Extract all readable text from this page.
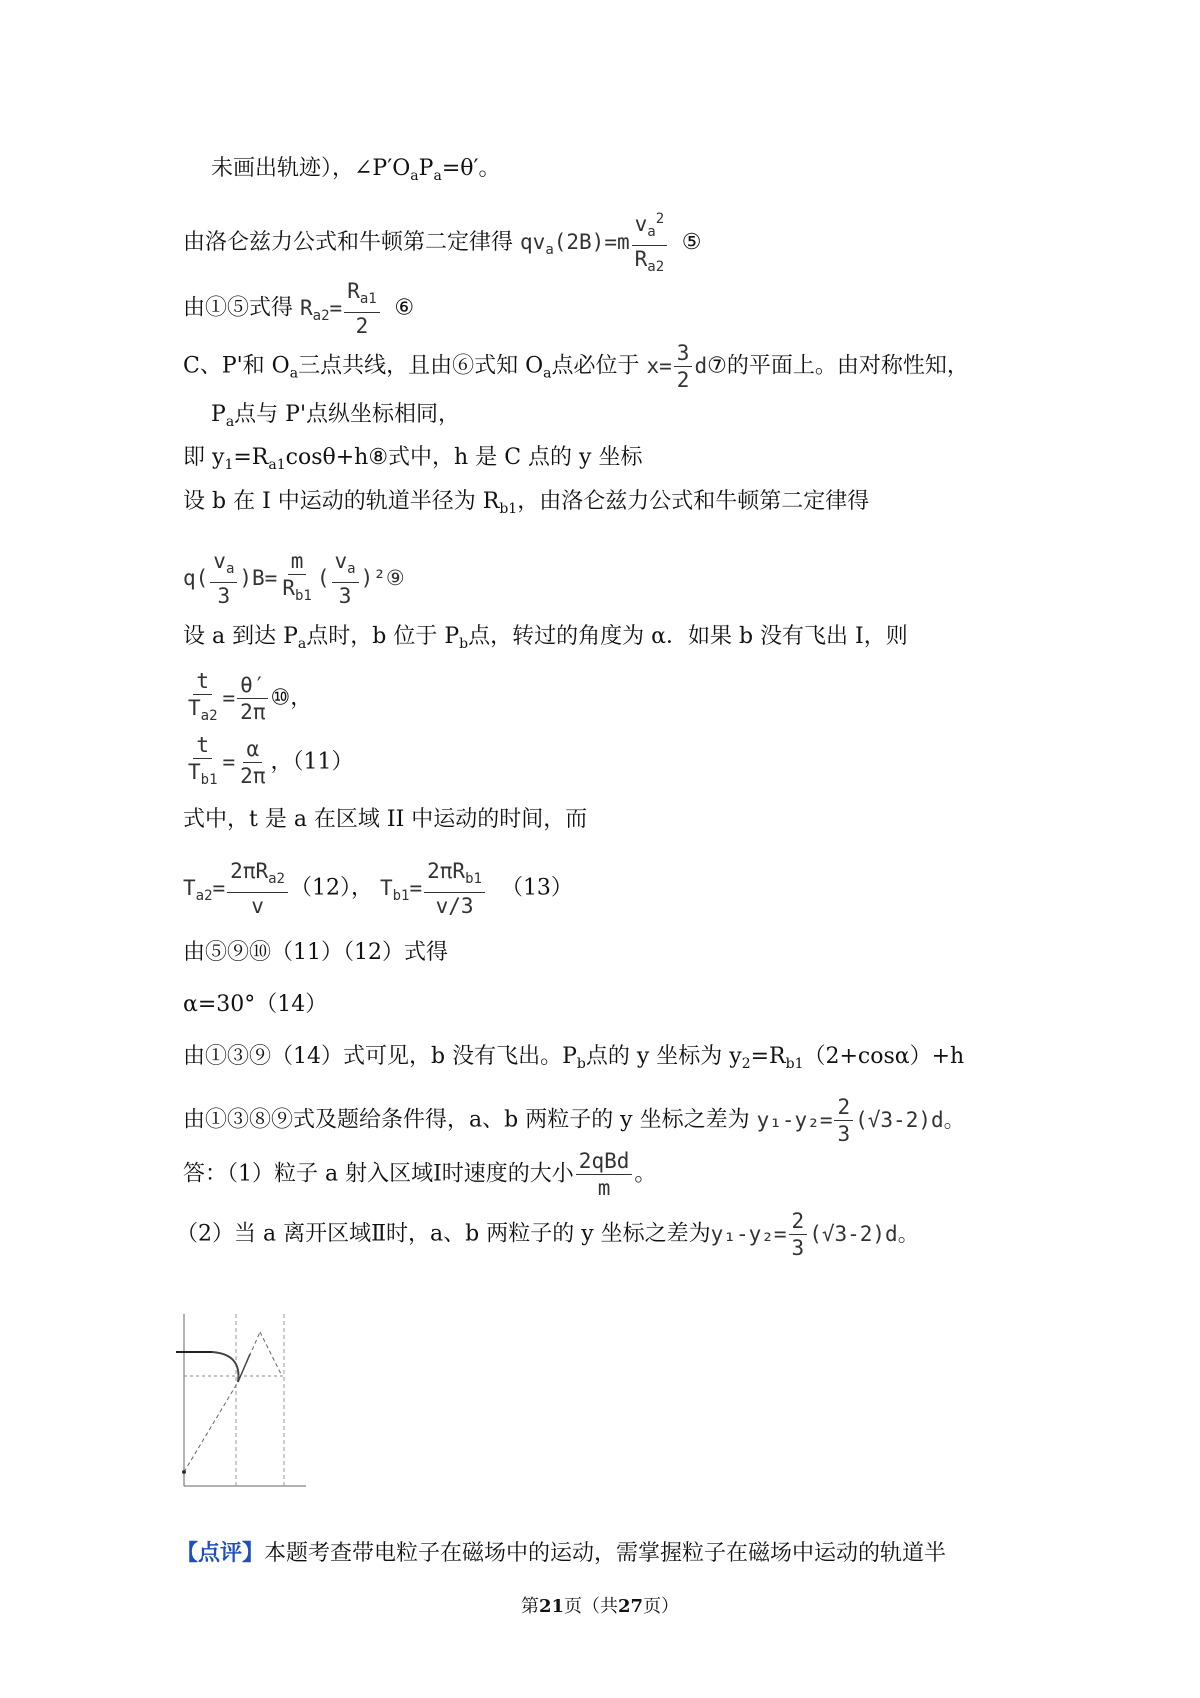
未画出轨迹），$\angle P'O_aP_a=\theta'$。
由洛仑兹力公式和牛顿第二定律得 $qv_a(2B)=m \frac{v_a^2}{R_{a2}}$ ⑤
由①⑤式得 $R_{a2}= \frac{R_{a1}}{2}$ ⑥
C、P'和 $O_a$三点共线，且由⑥式知 $O_a$点必位于 $x= \frac{3}{2}$ d⑦的平面上。由对称性知，
$P_a$点与 P'点纵坐标相同，
即 $y_1=R_{a1}\cos\theta+h⑧$式中，h 是 C 点的 y 坐标
设 b 在 I 中运动的轨道半径为 $R_{b1}$，由洛仑兹力公式和牛顿第二定律得
$q( \frac{v_a}{3} )B= \frac{m}{R_{b1}}$ ( $\frac{v_a}{3}$ )²⑨
设 a 到达 $P_a$点时，b 位于 $P_b$点，转过的角度为 α．如果 b 没有飞出 I，则
$\frac{t}{T_{a2}} = \frac{\theta'}{2\pi}$ ⑩，
$\frac{t}{T_{b1}} = \frac{\alpha}{2\pi}$ ，（11）
式中，t 是 a 在区域 II 中运动的时间，而
$T_{a2}= \frac{2\pi R_{a2}}{v} (12)$， $T_{b1}= \frac{2\pi R_{b1}}{v/3} (13)$
由⑤⑨⑩（11）（12）式得
α=30°（14）
由①③⑨（14）式可见，b 没有飞出。$P_b$点的 y 坐标为 $y_2=R_{b1}(2+\cos\alpha)+h$
由①③⑧⑨式及题给条件得，a、b 两粒子的 y 坐标之差为 $y_1-y_2= \frac{2}{3} (√3-2)d$。
答：（1）粒子 a 射入区域Ⅰ时速度的大小 $\frac{\text{2qBd}}{m}$ 。
（2）当 a 离开区域Ⅱ时，a、b 两粒子的 y 坐标之差为$y_1-y_2= \frac{2}{3} (√3-2)d$。
【点评】本题考查带电粒子在磁场中的运动，需掌握粒子在磁场中运动的轨道半
第21页（共27页）
